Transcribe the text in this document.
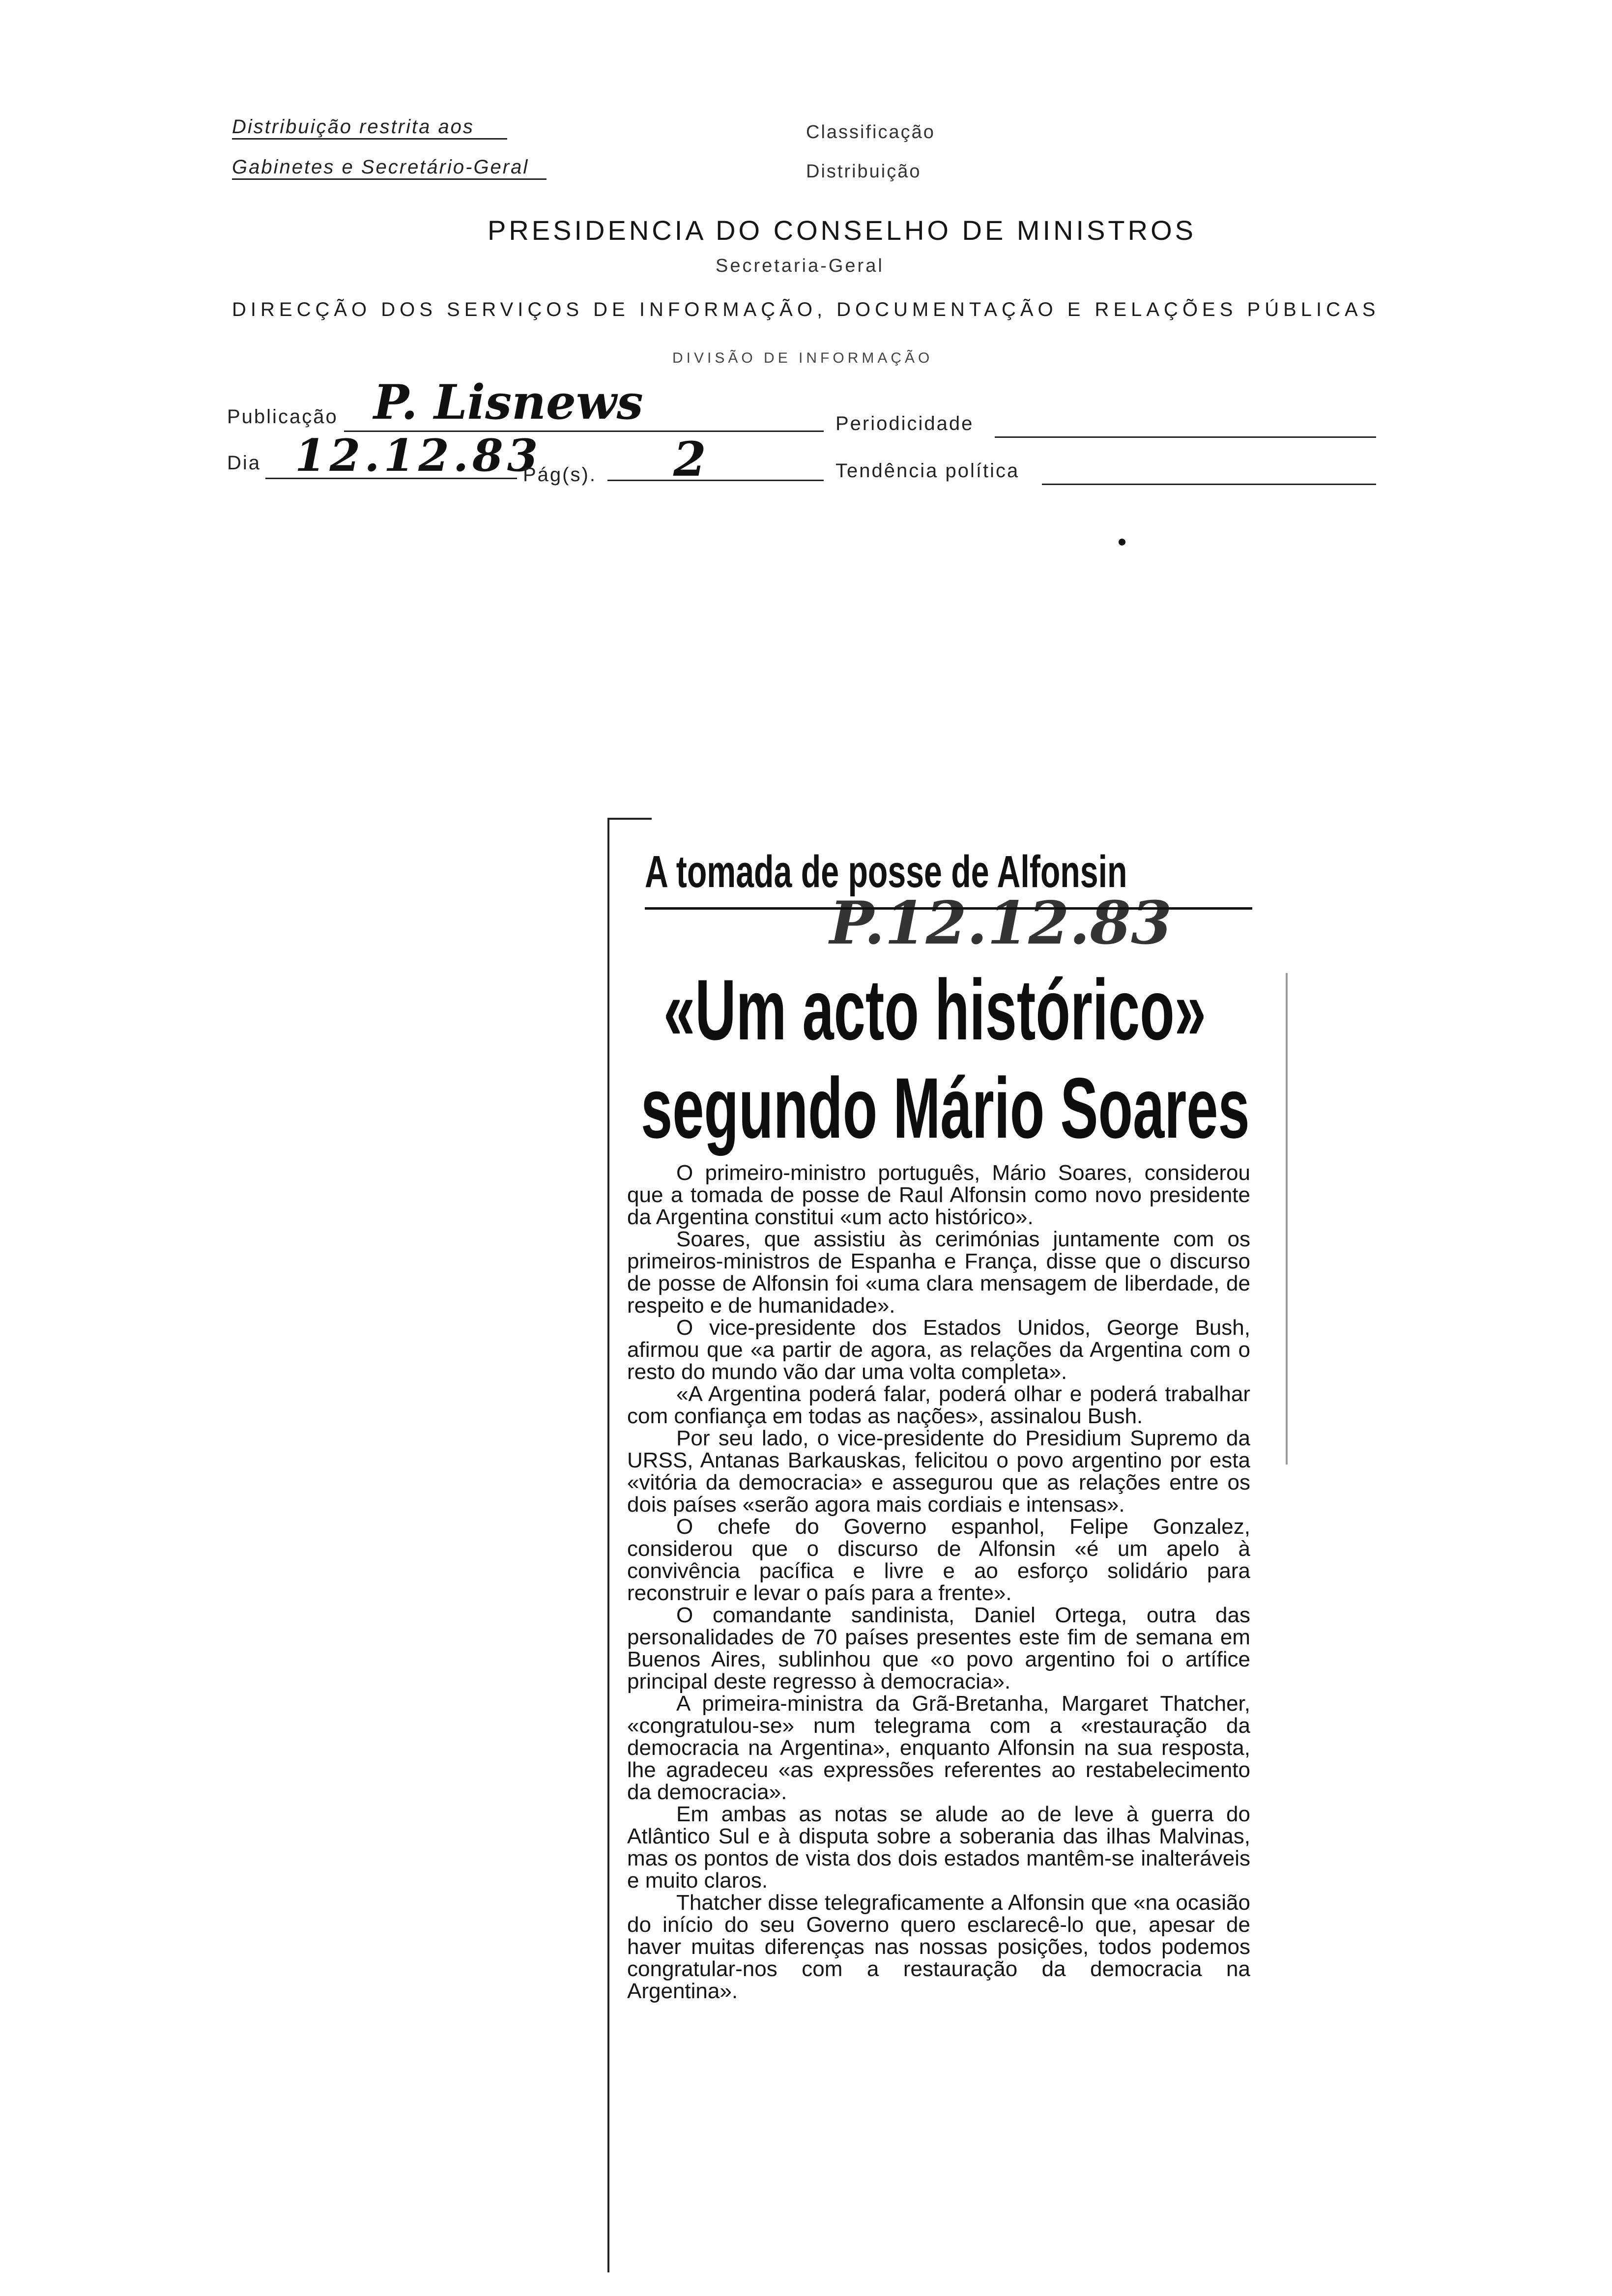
Distribuição restrita aos
Gabinetes e Secretário-Geral
Classificação
Distribuição
PRESIDENCIA DO CONSELHO DE MINISTROS
Secretaria-Geral
DIRECÇÃO DOS SERVIÇOS DE INFORMAÇÃO, DOCUMENTAÇÃO E RELAÇÕES PÚBLICAS
DIVISÃO DE INFORMAÇÃO
Publicação P. Lisnews	Periodicidade
Dia 12.12.83
Pág(s). 2	Tendência política
A tomada de posse de Alfonsin
P.12.12.83
«Um acto histórico»
segundo Mário Soares

O primeiro-ministro português, Mário Soares, considerou que a tomada de posse de Raul Alfonsin como novo presidente da Argentina constitui «um acto histórico».

Soares, que assistiu às cerimónias juntamente com os primeiros-ministros de Espanha e França, disse que o discurso de posse de Alfonsin foi «uma clara mensagem de liberdade, de respeito e de humanidade».

O vice-presidente dos Estados Unidos, George Bush, afirmou que «a partir de agora, as relações da Argentina com o resto do mundo vão dar uma volta completa».

«A Argentina poderá falar, poderá olhar e poderá trabalhar com confiança em todas as nações», assinalou Bush.

Por seu lado, o vice-presidente do Presidium Supremo da URSS, Antanas Barkauskas, felicitou o povo argentino por esta «vitória da democracia» e assegurou que as relações entre os dois países «serão agora mais cordiais e intensas».

O chefe do Governo espanhol, Felipe Gonzalez, considerou que o discurso de Alfonsin «é um apelo à convivência pacífica e livre e ao esforço solidário para reconstruir e levar o país para a frente».

O comandante sandinista, Daniel Ortega, outra das personalidades de 70 países presentes este fim de semana em Buenos Aires, sublinhou que «o povo argentino foi o artífice principal deste regresso à democracia».

A primeira-ministra da Grã-Bretanha, Margaret Thatcher, «congratulou-se» num telegrama com a «restauração da democracia na Argentina», enquanto Alfonsin na sua resposta, lhe agradeceu «as expressões referentes ao restabelecimento da democracia».

Em ambas as notas se alude ao de leve à guerra do Atlântico Sul e à disputa sobre a soberania das ilhas Malvinas, mas os pontos de vista dos dois estados mantêm-se inalteráveis e muito claros.

Thatcher disse telegraficamente a Alfonsin que «na ocasião do início do seu Governo quero esclarecê-lo que, apesar de haver muitas diferenças nas nossas posições, todos podemos congratular-nos com a restauração da democracia na Argentina».
